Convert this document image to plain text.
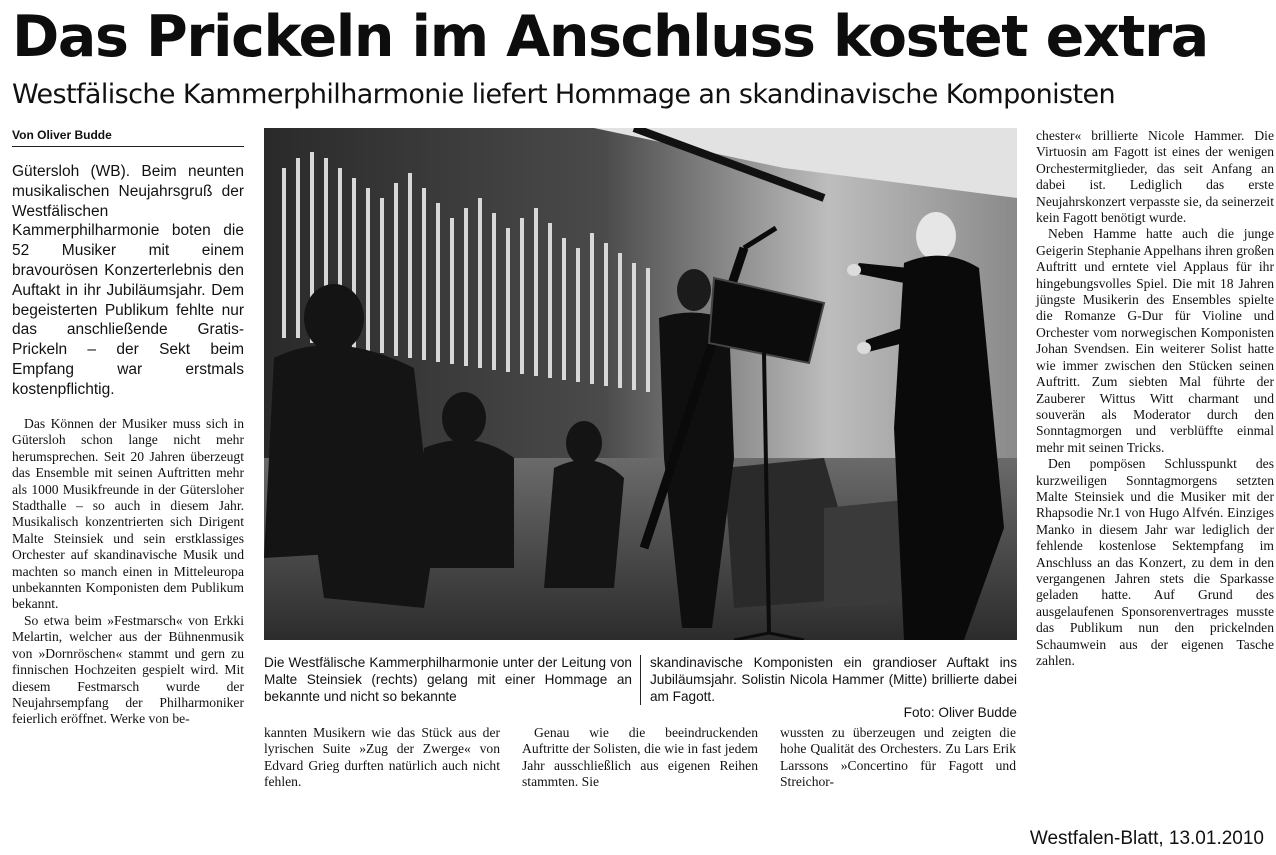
Das Prickeln im Anschluss kostet extra
Westfälische Kammerphilharmonie liefert Hommage an skandinavische Komponisten
Von Oliver Budde

Gütersloh (WB). Beim neunten musikalischen Neujahrsgruß der Westfälischen Kammerphilharmonie boten die 52 Musiker mit einem bravourösen Konzerterlebnis den Auftakt in ihr Jubiläumsjahr. Dem begeisterten Publikum fehlte nur das anschließende Gratis-Prickeln – der Sekt beim Empfang war erstmals kostenpflichtig.

Das Können der Musiker muss sich in Gütersloh schon lange nicht mehr herumsprechen. Seit 20 Jahren überzeugt das Ensemble mit seinen Auftritten mehr als 1000 Musikfreunde in der Gütersloher Stadthalle – so auch in diesem Jahr. Musikalisch konzentrierten sich Dirigent Malte Steinsiek und sein erstklassiges Orchester auf skandinavische Musik und machten so manch einen in Mitteleuropa unbekannten Komponisten dem Publikum bekannt.

So etwa beim »Festmarsch« von Erkki Melartin, welcher aus der Bühnenmusik von »Dornröschen« stammt und gern zu finnischen Hochzeiten gespielt wird. Mit diesem Festmarsch wurde der Neujahrsempfang der Philharmoniker feierlich eröffnet. Werke von be-

Die Westfälische Kammerphilharmonie unter der Leitung von Malte Steinsiek (rechts) gelang mit einer Hommage an bekannte und nicht so bekannte
skandinavische Komponisten ein grandioser Auftakt ins Jubiläumsjahr. Solistin Nicola Hammer (Mitte) brillierte dabei am Fagott.
Foto: Oliver Budde

kannten Musikern wie das Stück aus der lyrischen Suite »Zug der Zwerge« von Edvard Grieg durften natürlich auch nicht fehlen.

Genau wie die beeindruckenden Auftritte der Solisten, die wie in fast jedem Jahr ausschließlich aus eigenen Reihen stammten. Sie

wussten zu überzeugen und zeigten die hohe Qualität des Orchesters. Zu Lars Erik Larssons »Concertino für Fagott und Streichor-

chester« brillierte Nicole Hammer. Die Virtuosin am Fagott ist eines der wenigen Orchestermitglieder, das seit Anfang an dabei ist. Lediglich das erste Neujahrskonzert verpasste sie, da seinerzeit kein Fagott benötigt wurde.

Neben Hamme hatte auch die junge Geigerin Stephanie Appelhans ihren großen Auftritt und erntete viel Applaus für ihr hingebungsvolles Spiel. Die mit 18 Jahren jüngste Musikerin des Ensembles spielte die Romanze G-Dur für Violine und Orchester vom norwegischen Komponisten Johan Svendsen. Ein weiterer Solist hatte wie immer zwischen den Stücken seinen Auftritt. Zum siebten Mal führte der Zauberer Wittus Witt charmant und souverän als Moderator durch den Sonntagmorgen und verblüffte einmal mehr mit seinen Tricks.

Den pompösen Schlusspunkt des kurzweiligen Sonntagmorgens setzten Malte Steinsiek und die Musiker mit der Rhapsodie Nr.1 von Hugo Alfvén. Einziges Manko in diesem Jahr war lediglich der fehlende kostenlose Sektempfang im Anschluss an das Konzert, zu dem in den vergangenen Jahren stets die Sparkasse geladen hatte. Auf Grund des ausgelaufenen Sponsorenvertrages musste das Publikum nun den prickelnden Schaumwein aus der eigenen Tasche zahlen.

Westfalen-Blatt, 13.01.2010
